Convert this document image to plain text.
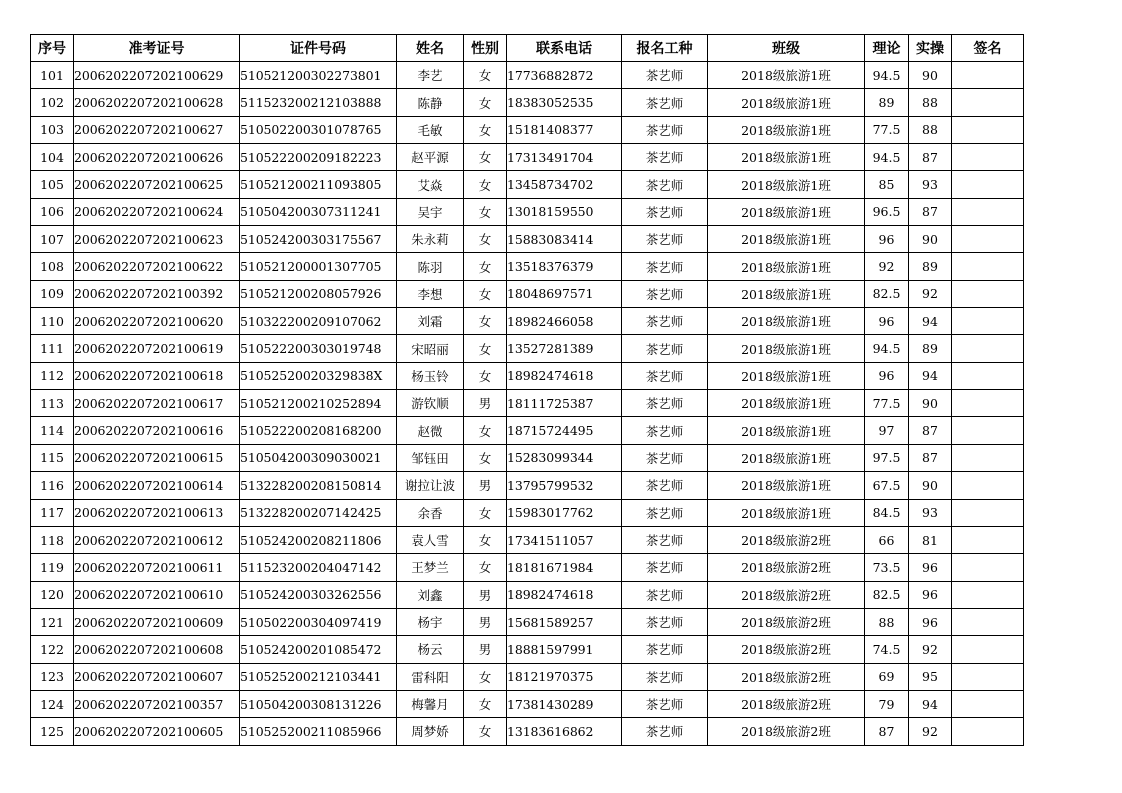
序号	准考证号	证件号码	姓名	性别	联系电话	报名工种	班级	理论	实操	签名
101	2006202207202100629	510521200302273801	李艺	女	17736882872	茶艺师	2018级旅游1班	94.5	90	
102	2006202207202100628	511523200212103888	陈静	女	18383052535	茶艺师	2018级旅游1班	89	88	
103	2006202207202100627	510502200301078765	毛敏	女	15181408377	茶艺师	2018级旅游1班	77.5	88	
104	2006202207202100626	510522200209182223	赵平源	女	17313491704	茶艺师	2018级旅游1班	94.5	87	
105	2006202207202100625	510521200211093805	艾焱	女	13458734702	茶艺师	2018级旅游1班	85	93	
106	2006202207202100624	510504200307311241	吴宇	女	13018159550	茶艺师	2018级旅游1班	96.5	87	
107	2006202207202100623	510524200303175567	朱永莉	女	15883083414	茶艺师	2018级旅游1班	96	90	
108	2006202207202100622	510521200001307705	陈羽	女	13518376379	茶艺师	2018级旅游1班	92	89	
109	2006202207202100392	510521200208057926	李想	女	18048697571	茶艺师	2018级旅游1班	82.5	92	
110	2006202207202100620	510322200209107062	刘霜	女	18982466058	茶艺师	2018级旅游1班	96	94	
111	2006202207202100619	510522200303019748	宋昭丽	女	13527281389	茶艺师	2018级旅游1班	94.5	89	
112	2006202207202100618	51052520020329838X	杨玉铃	女	18982474618	茶艺师	2018级旅游1班	96	94	
113	2006202207202100617	510521200210252894	游钦顺	男	18111725387	茶艺师	2018级旅游1班	77.5	90	
114	2006202207202100616	510522200208168200	赵微	女	18715724495	茶艺师	2018级旅游1班	97	87	
115	2006202207202100615	510504200309030021	邹钰田	女	15283099344	茶艺师	2018级旅游1班	97.5	87	
116	2006202207202100614	513228200208150814	谢拉让波	男	13795799532	茶艺师	2018级旅游1班	67.5	90	
117	2006202207202100613	513228200207142425	余香	女	15983017762	茶艺师	2018级旅游1班	84.5	93	
118	2006202207202100612	510524200208211806	袁人雪	女	17341511057	茶艺师	2018级旅游2班	66	81	
119	2006202207202100611	511523200204047142	王梦兰	女	18181671984	茶艺师	2018级旅游2班	73.5	96	
120	2006202207202100610	510524200303262556	刘鑫	男	18982474618	茶艺师	2018级旅游2班	82.5	96	
121	2006202207202100609	510502200304097419	杨宇	男	15681589257	茶艺师	2018级旅游2班	88	96	
122	2006202207202100608	510524200201085472	杨云	男	18881597991	茶艺师	2018级旅游2班	74.5	92	
123	2006202207202100607	510525200212103441	雷科阳	女	18121970375	茶艺师	2018级旅游2班	69	95	
124	2006202207202100357	510504200308131226	梅馨月	女	17381430289	茶艺师	2018级旅游2班	79	94	
125	2006202207202100605	510525200211085966	周梦娇	女	13183616862	茶艺师	2018级旅游2班	87	92	
